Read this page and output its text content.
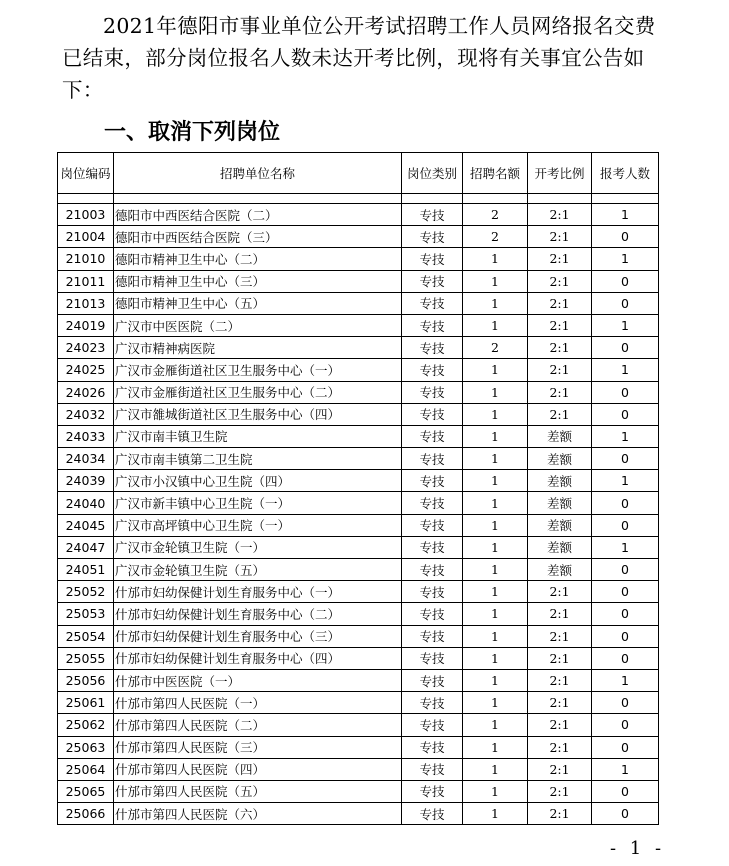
2021年德阳市事业单位公开考试招聘工作人员网络报名交费已结束，部分岗位报名人数未达开考比例，现将有关事宜公告如下：

一、取消下列岗位
岗位编码	招聘单位名称	岗位类别	招聘名额	开考比例	报考人数

21003	德阳市中西医结合医院（二）	专技	2	2:1	1
21004	德阳市中西医结合医院（三）	专技	2	2:1	0
21010	德阳市精神卫生中心（二）	专技	1	2:1	1
21011	德阳市精神卫生中心（三）	专技	1	2:1	0
21013	德阳市精神卫生中心（五）	专技	1	2:1	0
24019	广汉市中医医院（二）	专技	1	2:1	1
24023	广汉市精神病医院	专技	2	2:1	0
24025	广汉市金雁街道社区卫生服务中心（一）	专技	1	2:1	1
24026	广汉市金雁街道社区卫生服务中心（二）	专技	1	2:1	0
24032	广汉市雒城街道社区卫生服务中心（四）	专技	1	2:1	0
24033	广汉市南丰镇卫生院	专技	1	差额	1
24034	广汉市南丰镇第二卫生院	专技	1	差额	0
24039	广汉市小汉镇中心卫生院（四）	专技	1	差额	1
24040	广汉市新丰镇中心卫生院（一）	专技	1	差额	0
24045	广汉市高坪镇中心卫生院（一）	专技	1	差额	0
24047	广汉市金轮镇卫生院（一）	专技	1	差额	1
24051	广汉市金轮镇卫生院（五）	专技	1	差额	0
25052	什邡市妇幼保健计划生育服务中心（一）	专技	1	2:1	0
25053	什邡市妇幼保健计划生育服务中心（二）	专技	1	2:1	0
25054	什邡市妇幼保健计划生育服务中心（三）	专技	1	2:1	0
25055	什邡市妇幼保健计划生育服务中心（四）	专技	1	2:1	0
25056	什邡市中医医院（一）	专技	1	2:1	1
25061	什邡市第四人民医院（一）	专技	1	2:1	0
25062	什邡市第四人民医院（二）	专技	1	2:1	0
25063	什邡市第四人民医院（三）	专技	1	2:1	0
25064	什邡市第四人民医院（四）	专技	1	2:1	1
25065	什邡市第四人民医院（五）	专技	1	2:1	0
25066	什邡市第四人民医院（六）	专技	1	2:1	0
- 1 -
